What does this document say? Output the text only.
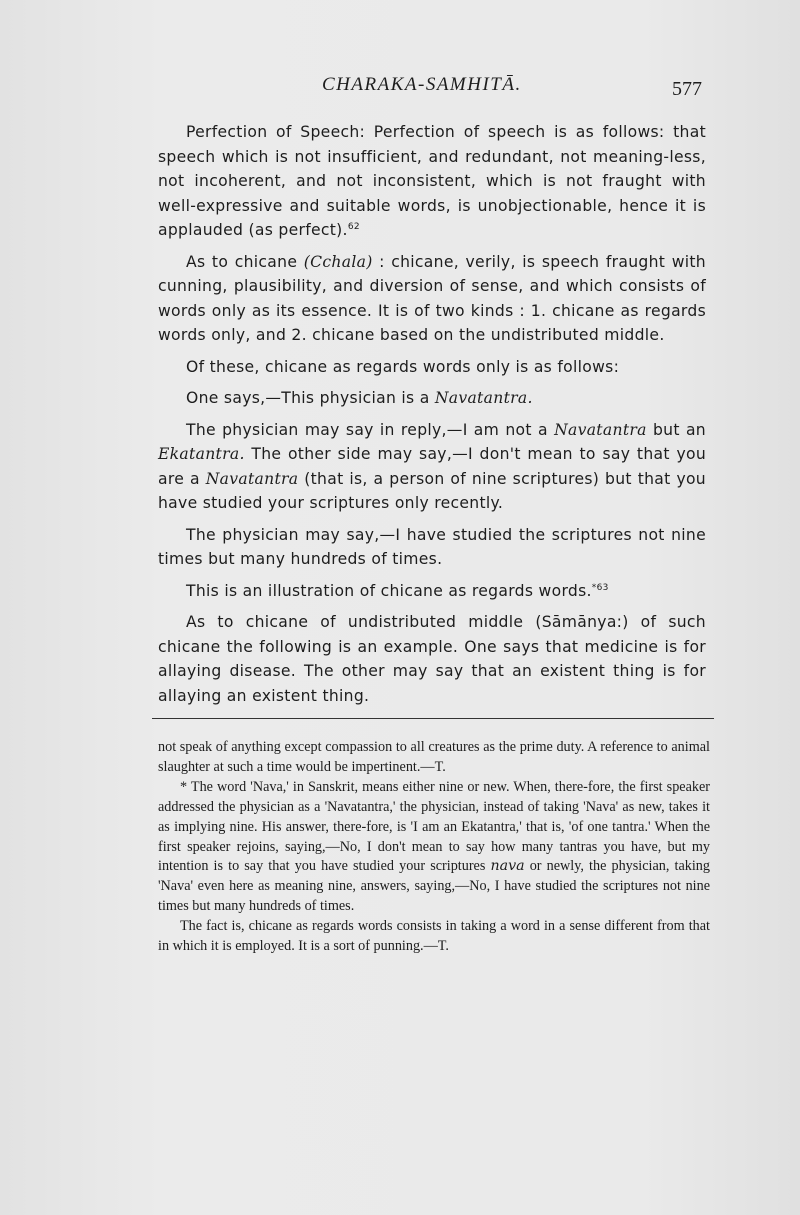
CHARAKA-SAMHITĀ.	577

Perfection of Speech: Perfection of speech is as follows: that speech which is not insufficient, and redundant, not meaning-less, not incoherent, and not inconsistent, which is not fraught with well-expressive and suitable words, is unobjectionable, hence it is applauded (as perfect).$^{62}$

As to chicane (Cchala) : chicane, verily, is speech fraught with cunning, plausibility, and diversion of sense, and which consists of words only as its essence. It is of two kinds : 1. chicane as regards words only, and 2. chicane based on the undistributed middle.

Of these, chicane as regards words only is as follows:

One says,—This physician is a Navatantra.

The physician may say in reply,—I am not a Navatantra but an Ekatantra. The other side may say,—I don't mean to say that you are a Navatantra (that is, a person of nine scriptures) but that you have studied your scriptures only recently.

The physician may say,—I have studied the scriptures not nine times but many hundreds of times.

This is an illustration of chicane as regards words.$^{*63}$

As to chicane of undistributed middle (Sāmānya:) of such chicane the following is an example. One says that medicine is for allaying disease. The other may say that an existent thing is for allaying an existent thing.

not speak of anything except compassion to all creatures as the prime duty. A reference to animal slaughter at such a time would be impertinent.—T.

* The word 'Nava,' in Sanskrit, means either nine or new. When, there-fore, the first speaker addressed the physician as a 'Navatantra,' the physician, instead of taking 'Nava' as new, takes it as implying nine. His answer, there-fore, is 'I am an Ekatantra,' that is, 'of one tantra.' When the first speaker rejoins, saying,—No, I don't mean to say how many tantras you have, but my intention is to say that you have studied your scriptures nava or newly, the physician, taking 'Nava' even here as meaning nine, answers, saying,—No, I have studied the scriptures not nine times but many hundreds of times.

The fact is, chicane as regards words consists in taking a word in a sense different from that in which it is employed. It is a sort of punning.—T.
